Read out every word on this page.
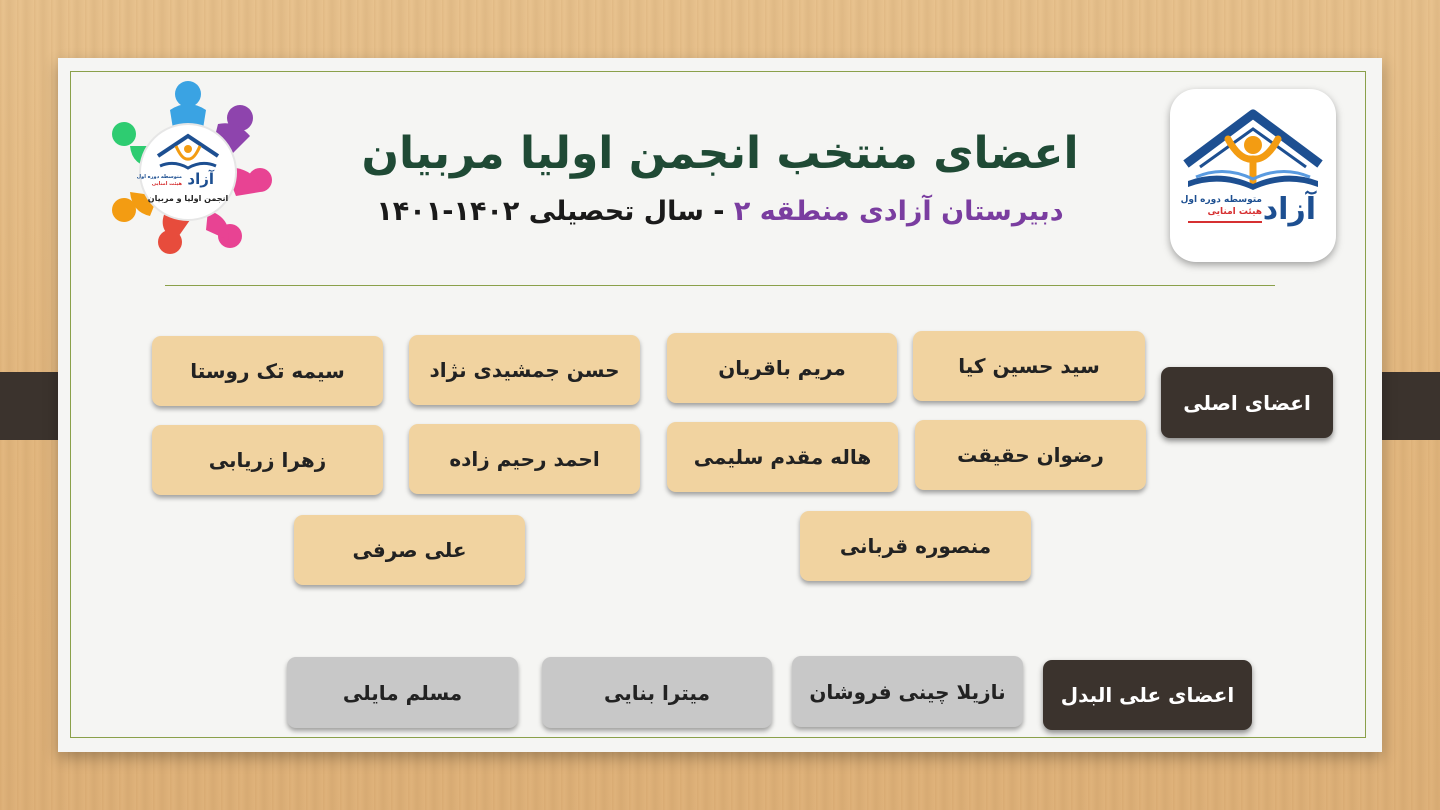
آزاد
متوسطه دوره اول
هیئت امنایی
آزاد
متوسطه دوره اول
هیئت امنایی
انجمن اولیا و مربیان
اعضای منتخب انجمن اولیا مربیان
دبیرستان آزادی منطقه ۲ - سال تحصیلی ۱۴۰۲-۱۴۰۱
اعضای اصلی
سید حسین کیا
مریم باقریان
حسن جمشیدی نژاد
سیمه تک روستا
رضوان حقیقت
هاله مقدم سلیمی
احمد رحیم زاده
زهرا زریابی
منصوره قربانی
علی صرفی
اعضای علی البدل
نازیلا چینی فروشان
میترا بنایی
مسلم مایلی
